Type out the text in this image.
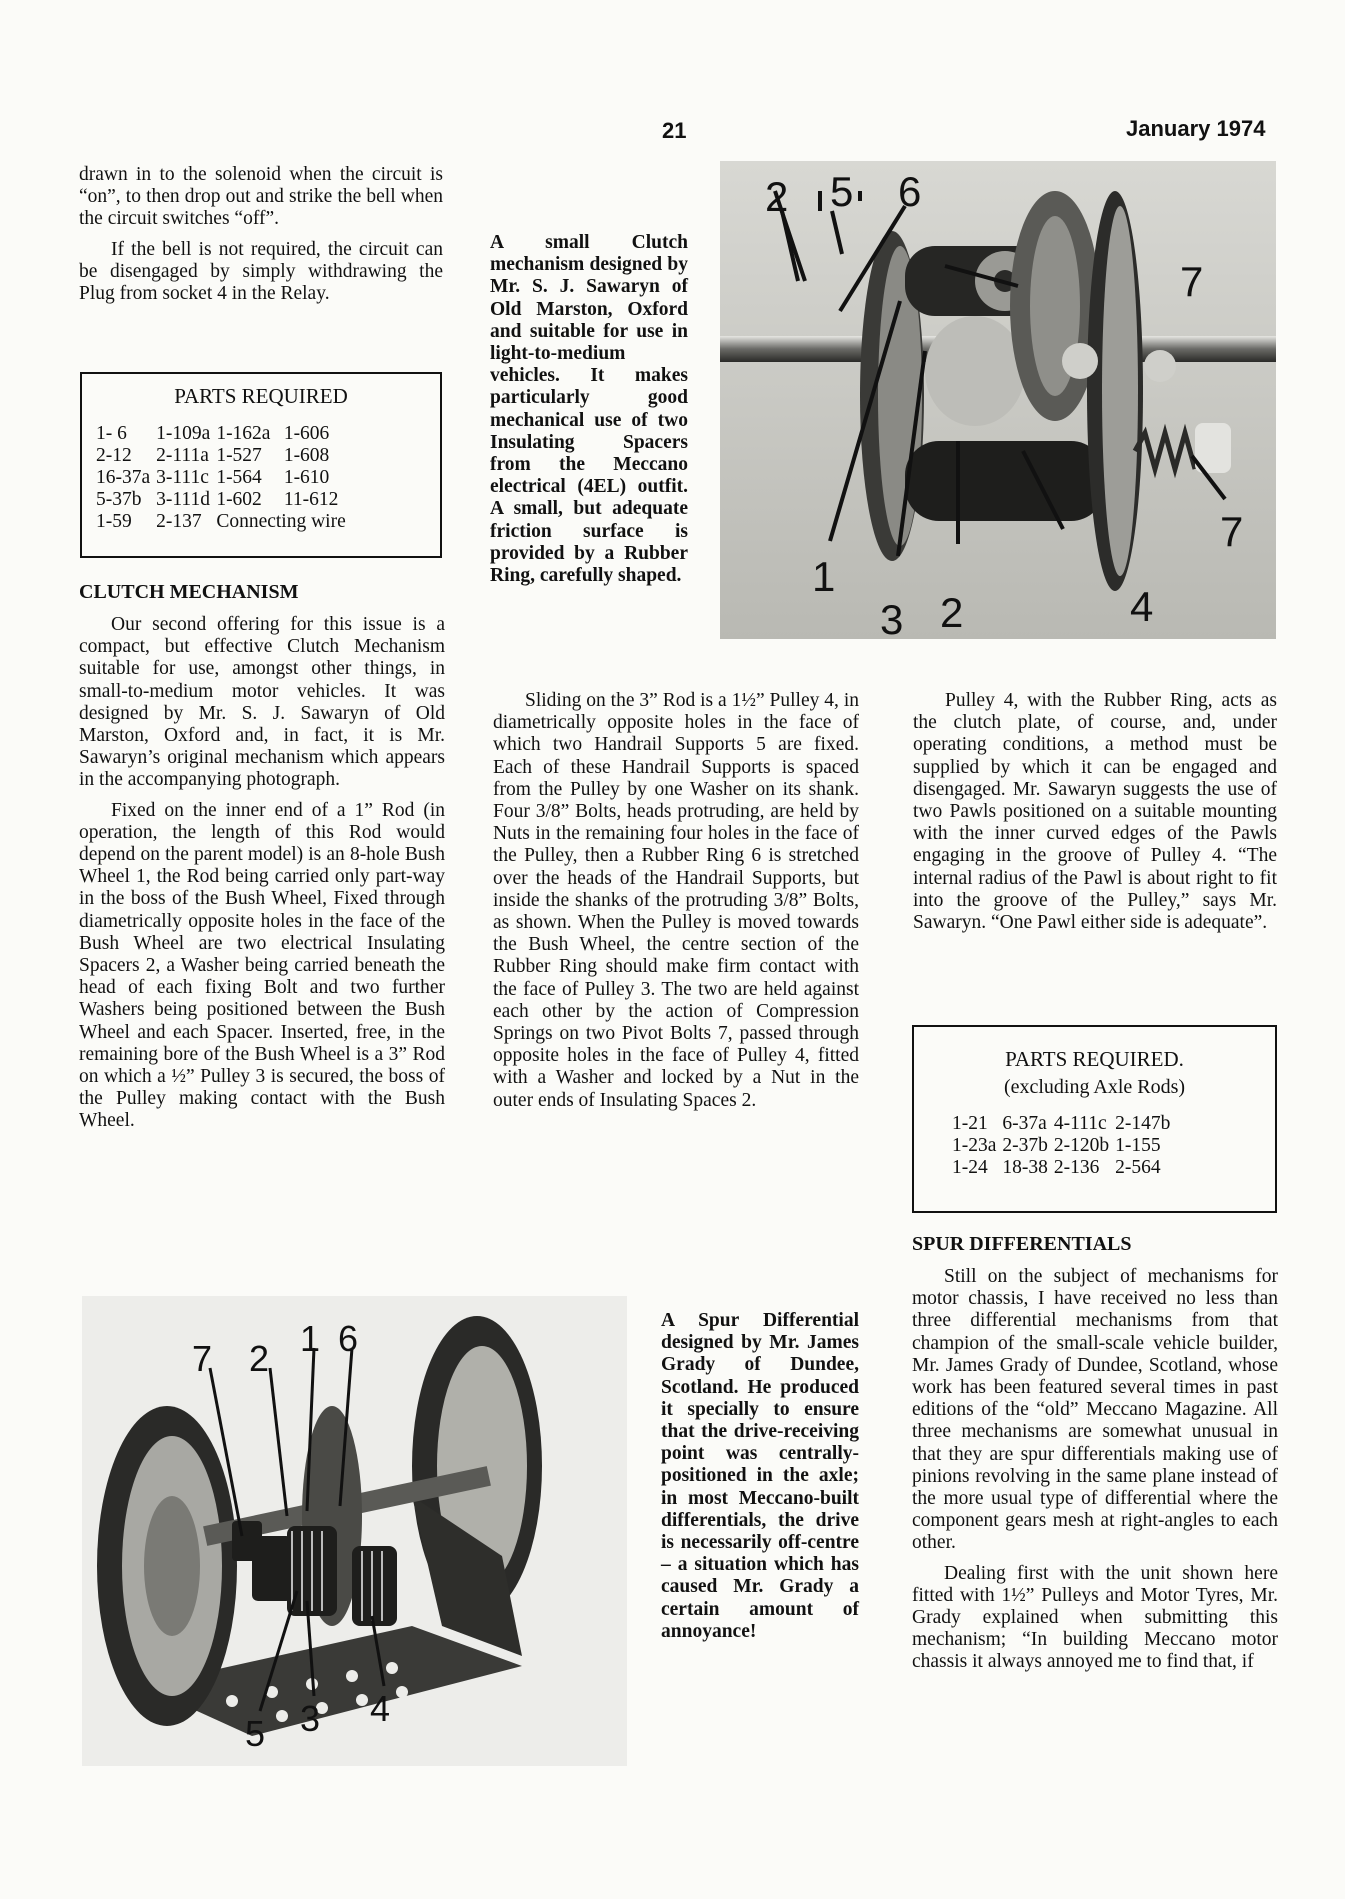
21	January 1974

drawn in to the solenoid when the circuit is “on”, to then drop out and strike the bell when the circuit switches “off”.

If the bell is not required, the circuit can be disengaged by simply withdrawing the Plug from socket 4 in the Relay.

PARTS REQUIRED
1- 6	1-109a	1-162a	1-606
2-12	2-111a	1-527	1-608
16-37a	3-111c	1-564	1-610
5-37b	3-111d	1-602	11-612
1-59	2-137	Connecting wire	
CLUTCH MECHANISM

Our second offering for this issue is a compact, but effective Clutch Mechanism suitable for use, amongst other things, in small-to-medium motor vehicles. It was designed by Mr. S. J. Sawaryn of Old Marston, Oxford and, in fact, it is Mr. Sawaryn’s original mechanism which appears in the accompanying photograph.

Fixed on the inner end of a 1” Rod (in operation, the length of this Rod would depend on the parent model) is an 8-hole Bush Wheel 1, the Rod being carried only part-way in the boss of the Bush Wheel, Fixed through diametrically opposite holes in the face of the Bush Wheel are two electrical Insulating Spacers 2, a Washer being carried beneath the head of each fixing Bolt and two further Washers being positioned between the Bush Wheel and each Spacer. Inserted, free, in the remaining bore of the Bush Wheel is a 3” Rod on which a ½” Pulley 3 is secured, the boss of the Pulley making contact with the Bush Wheel.

A small Clutch mechanism designed by Mr. S. J. Sawaryn of Old Marston, Oxford and suitable for use in light-to-medium vehicles. It makes particularly good mechanical use of two Insulating Spacers from the Meccano electrical (4EL) outfit. A small, but adequate friction surface is provided by a Rubber Ring, carefully shaped.
2 5 6
7
7
1
3 2	4

Sliding on the 3” Rod is a 1½” Pulley 4, in diametrically opposite holes in the face of which two Handrail Supports 5 are fixed. Each of these Handrail Supports is spaced from the Pulley by one Washer on its shank. Four 3/8” Bolts, heads protruding, are held by Nuts in the remaining four holes in the face of the Pulley, then a Rubber Ring 6 is stretched over the heads of the Handrail Supports, but inside the shanks of the protruding 3/8” Bolts, as shown. When the Pulley is moved towards the Bush Wheel, the centre section of the Rubber Ring should make firm contact with the face of Pulley 3. The two are held against each other by the action of Compression Springs on two Pivot Bolts 7, passed through opposite holes in the face of Pulley 4, fitted with a Washer and locked by a Nut in the outer ends of Insulating Spaces 2.

Pulley 4, with the Rubber Ring, acts as the clutch plate, of course, and, under operating conditions, a method must be supplied by which it can be engaged and disengaged. Mr. Sawaryn suggests the use of two Pawls positioned on a suitable mounting with the inner curved edges of the Pawls engaging in the groove of Pulley 4. “The internal radius of the Pawl is about right to fit into the groove of the Pulley,” says Mr. Sawaryn. “One Pawl either side is adequate”.

PARTS REQUIRED.
(excluding Axle Rods)
1-21	6-37a	4-111c	2-147b
1-23a	2-37b	2-120b	1-155
1-24	18-38	2-136	2-564
SPUR DIFFERENTIALS

Still on the subject of mechanisms for motor chassis, I have received no less than three differential mechanisms from that champion of the small-scale vehicle builder, Mr. James Grady of Dundee, Scotland, whose work has been featured several times in past editions of the “old” Meccano Magazine. All three mechanisms are somewhat unusual in that they are spur differentials making use of pinions revolving in the same plane instead of the more usual type of differential where the component gears mesh at right-angles to each other.

Dealing first with the unit shown here fitted with 1½” Pulleys and Motor Tyres, Mr. Grady explained when submitting this mechanism; “In building Meccano motor chassis it always annoyed me to find that, if

7 2 1 6
5 3 4
A Spur Differential designed by Mr. James Grady of Dundee, Scotland. He produced it specially to ensure that the drive-receiving point was centrally-positioned in the axle; in most Meccano-built differentials, the drive is necessarily off-centre – a situation which has caused Mr. Grady a certain amount of annoyance!
